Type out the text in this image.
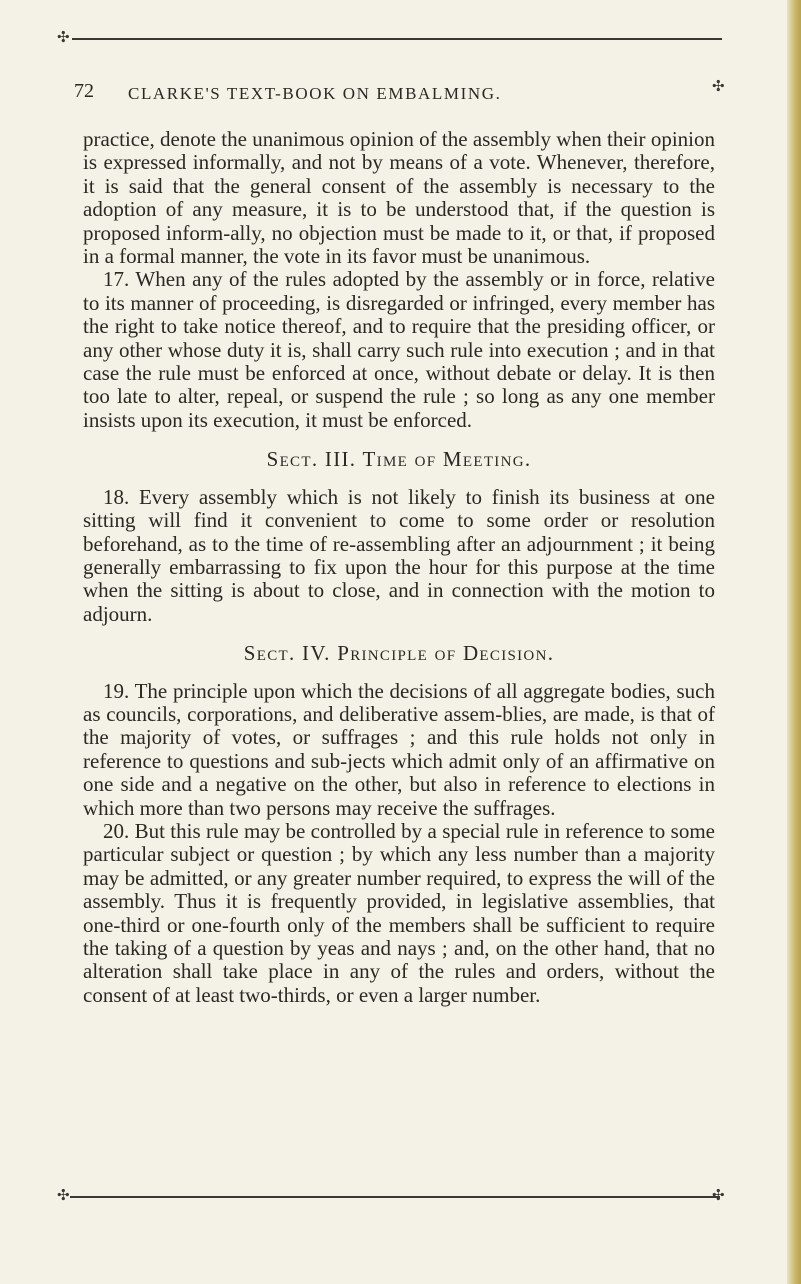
✣
✣
72 CLARKE'S TEXT-BOOK ON EMBALMING.

practice, denote the unanimous opinion of the assembly when their opinion is expressed informally, and not by means of a vote. Whenever, therefore, it is said that the general consent of the assembly is necessary to the adoption of any measure, it is to be understood that, if the question is proposed inform-ally, no objection must be made to it, or that, if proposed in a formal manner, the vote in its favor must be unanimous.

17. When any of the rules adopted by the assembly or in force, relative to its manner of proceeding, is disregarded or infringed, every member has the right to take notice thereof, and to require that the presiding officer, or any other whose duty it is, shall carry such rule into execution ; and in that case the rule must be enforced at once, without debate or delay. It is then too late to alter, repeal, or suspend the rule ; so long as any one member insists upon its execution, it must be enforced.

Sect. III. Time of Meeting.

18. Every assembly which is not likely to finish its business at one sitting will find it convenient to come to some order or resolution beforehand, as to the time of re-assembling after an adjournment ; it being generally embarrassing to fix upon the hour for this purpose at the time when the sitting is about to close, and in connection with the motion to adjourn.

Sect. IV. Principle of Decision.

19. The principle upon which the decisions of all aggregate bodies, such as councils, corporations, and deliberative assem-blies, are made, is that of the majority of votes, or suffrages ; and this rule holds not only in reference to questions and sub-jects which admit only of an affirmative on one side and a negative on the other, but also in reference to elections in which more than two persons may receive the suffrages.

20. But this rule may be controlled by a special rule in reference to some particular subject or question ; by which any less number than a majority may be admitted, or any greater number required, to express the will of the assembly. Thus it is frequently provided, in legislative assemblies, that one-third or one-fourth only of the members shall be sufficient to require the taking of a question by yeas and nays ; and, on the other hand, that no alteration shall take place in any of the rules and orders, without the consent of at least two-thirds, or even a larger number.

✣	✣
